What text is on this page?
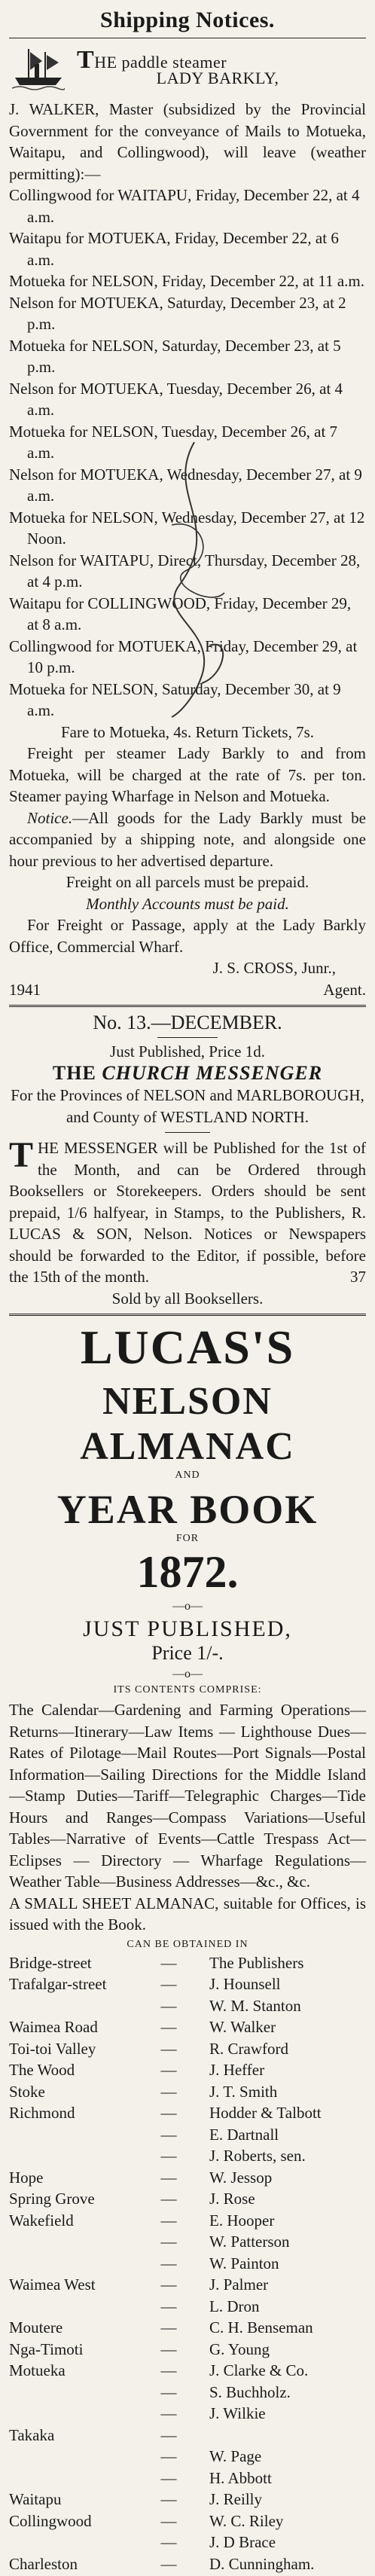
Shipping Notices.
THE paddle steamer
LADY BARKLY,

J. WALKER, Master (subsidized by the Provincial Government for the conveyance of Mails to Motueka, Waitapu, and Collingwood), will leave (weather permitting):—

Collingwood for WAITAPU, Friday, December 22, at 4 a.m.

Waitapu for MOTUEKA, Friday, December 22, at 6 a.m.

Motueka for NELSON, Friday, December 22, at 11 a.m.

Nelson for MOTUEKA, Saturday, December 23, at 2 p.m.

Motueka for NELSON, Saturday, December 23, at 5 p.m.

Nelson for MOTUEKA, Tuesday, December 26, at 4 a.m.

Motueka for NELSON, Tuesday, December 26, at 7 a.m.

Nelson for MOTUEKA, Wednesday, December 27, at 9 a.m.

Motueka for NELSON, Wednesday, December 27, at 12 Noon.

Nelson for WAITAPU, Direct, Thursday, December 28, at 4 p.m.

Waitapu for COLLINGWOOD, Friday, December 29, at 8 a.m.

Collingwood for MOTUEKA, Friday, December 29, at 10 p.m.

Motueka for NELSON, Saturday, December 30, at 9 a.m.

Fare to Motueka, 4s. Return Tickets, 7s.

Freight per steamer Lady Barkly to and from Motueka, will be charged at the rate of 7s. per ton. Steamer paying Wharfage in Nelson and Motueka.

Notice.—All goods for the Lady Barkly must be accompanied by a shipping note, and alongside one hour previous to her advertised departure.

Freight on all parcels must be prepaid.

Monthly Accounts must be paid.

For Freight or Passage, apply at the Lady Barkly Office, Commercial Wharf.

J. S. CROSS, Junr.,

1941	Agent.
No. 13.—DECEMBER.
Just Published, Price 1d.
THE CHURCH MESSENGER

For the Provinces of NELSON and MARLBOROUGH, and County of WESTLAND NORTH.

THE MESSENGER will be Published for the 1st of the Month, and can be Ordered through Booksellers or Storekeepers. Orders should be sent prepaid, 1/6 halfyear, in Stamps, to the Publishers, R. LUCAS & SON, Nelson. Notices or Newspapers should be forwarded to the Editor, if possible, before the 15th of the month.	37

Sold by all Booksellers.

LUCAS'S
NELSON ALMANAC
AND
YEAR BOOK
FOR
1872.
—o—
JUST PUBLISHED,
Price 1/-.
—o—
ITS CONTENTS COMPRISE:

The Calendar—Gardening and Farming Operations—Returns—Itinerary—Law Items — Lighthouse Dues—Rates of Pilotage—Mail Routes—Port Signals—Postal Information—Sailing Directions for the Middle Island—Stamp Duties—Tariff—Telegraphic Charges—Tide Hours and Ranges—Compass Variations—Useful Tables—Narrative of Events—Cattle Trespass Act—Eclipses — Directory — Wharfage Regulations—Weather Table—Business Addresses—&c., &c.

A SMALL SHEET ALMANAC, suitable for Offices, is issued with the Book.

CAN BE OBTAINED IN
Bridge-street	—	The Publishers
Trafalgar-street	—	J. Hounsell
	—	W. M. Stanton
Waimea Road	—	W. Walker
Toi-toi Valley	—	R. Crawford
The Wood	—	J. Heffer
Stoke	—	J. T. Smith
Richmond	—	Hodder & Talbott
	—	E. Dartnall
	—	J. Roberts, sen.
Hope	—	W. Jessop
Spring Grove	—	J. Rose
Wakefield	—	E. Hooper
	—	W. Patterson
	—	W. Painton
Waimea West	—	J. Palmer
	—	L. Dron
Moutere	—	C. H. Benseman
Nga-Timoti	—	G. Young
Motueka	—	J. Clarke & Co.
	—	S. Buchholz.
	—	J. Wilkie
Takaka	—	
	—	W. Page
	—	H. Abbott
Waitapu	—	J. Reilly
Collingwood	—	W. C. Riley
	—	J. D Brace
Charleston	—	D. Cunningham.
